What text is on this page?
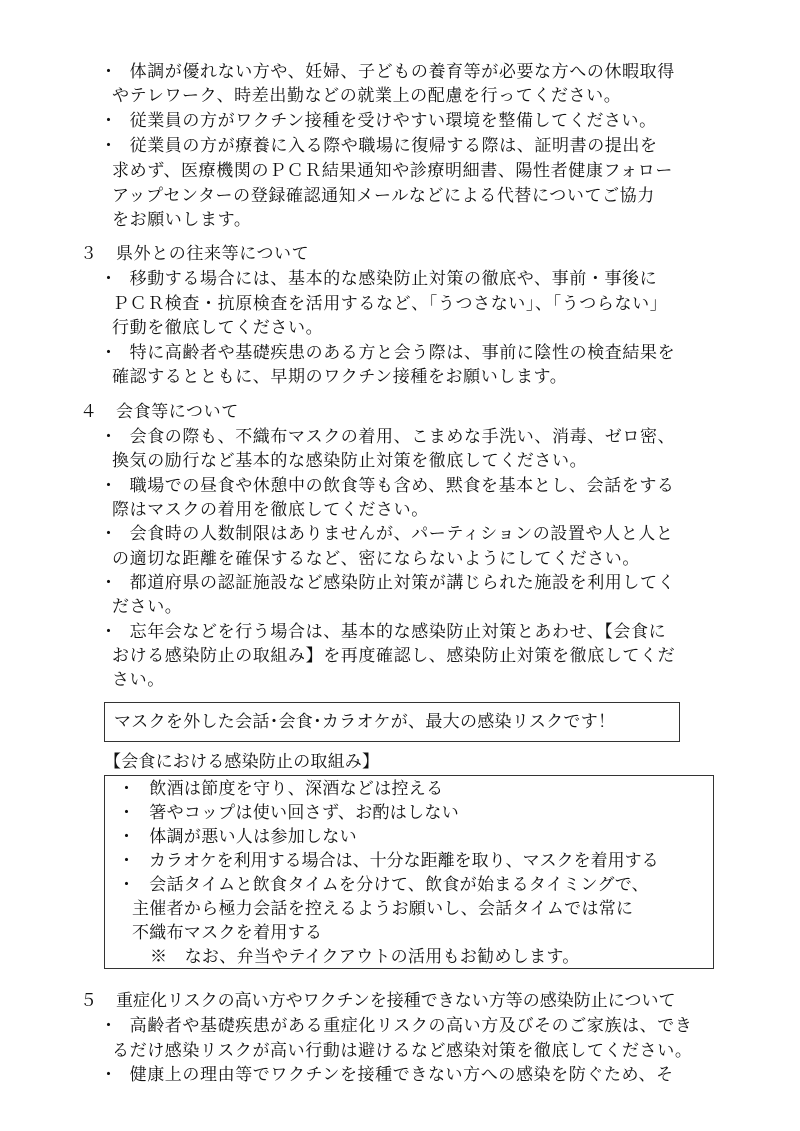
・
　体調が優れない方や、妊婦、子どもの養育等が必要な方への休暇取得
やテレワーク、時差出勤などの就業上の配慮を行ってください。
・
　従業員の方がワクチン接種を受けやすい環境を整備してください。
・
　従業員の方が療養に入る際や職場に復帰する際は、証明書の提出を
求めず、医療機関のＰＣＲ結果通知や診療明細書、陽性者健康フォロー
アップセンターの登録確認通知メールなどによる代替についてご協力
をお願いします。
３ 県外との往来等について
・
　移動する場合には、基本的な感染防止対策の徹底や、事前・事後に
ＰＣＲ検査・抗原検査を活用するなど、「うつさない」、「うつらない」
行動を徹底してください。
・
　特に高齢者や基礎疾患のある方と会う際は、事前に陰性の検査結果を
確認するとともに、早期のワクチン接種をお願いします。
４ 会食等について
・
　会食の際も、不織布マスクの着用、こまめな手洗い、消毒、ゼロ密、
換気の励行など基本的な感染防止対策を徹底してください。
・
　職場での昼食や休憩中の飲食等も含め、黙食を基本とし、会話をする
際はマスクの着用を徹底してください。
・
　会食時の人数制限はありませんが、パーティションの設置や人と人と
の適切な距離を確保するなど、密にならないようにしてください。
・
　都道府県の認証施設など感染防止対策が講じられた施設を利用してく
ださい。
・
　忘年会などを行う場合は、基本的な感染防止対策とあわせ、【会食に
おける感染防止の取組み】を再度確認し、感染防止対策を徹底してくだ
さい。
マスクを外した会話･会食･カラオケが、最大の感染リスクです！
【会食における感染防止の取組み】
・
　飲酒は節度を守り、深酒などは控える
・
　箸やコップは使い回さず、お酌はしない
・
　体調が悪い人は参加しない
・
　カラオケを利用する場合は、十分な距離を取り、マスクを着用する
・
　会話タイムと飲食タイムを分けて、飲食が始まるタイミングで、
主催者から極力会話を控えるようお願いし、会話タイムでは常に
不織布マスクを着用する
※　なお、弁当やテイクアウトの活用もお勧めします。
５ 重症化リスクの高い方やワクチンを接種できない方等の感染防止について
・
　高齢者や基礎疾患がある重症化リスクの高い方及びそのご家族は、でき
るだけ感染リスクが高い行動は避けるなど感染対策を徹底してください。
・
　健康上の理由等でワクチンを接種できない方への感染を防ぐため、そ
